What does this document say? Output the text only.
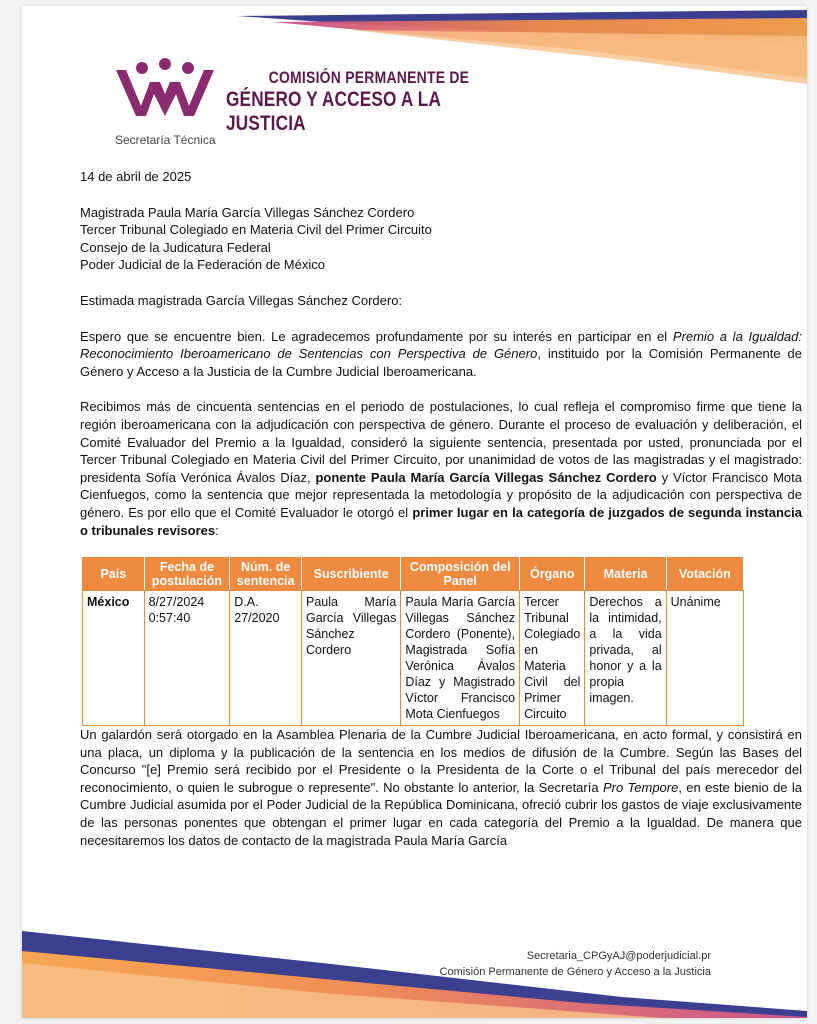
COMISIÓN PERMANENTE DE
GÉNERO Y ACCESO A LA JUSTICIA
Secretaría Técnica

14 de abril de 2025

Magistrada Paula María García Villegas Sánchez Cordero
Tercer Tribunal Colegiado en Materia Civil del Primer Circuito
Consejo de la Judicatura Federal
Poder Judicial de la Federación de México

Estimada magistrada García Villegas Sánchez Cordero:

Espero que se encuentre bien. Le agradecemos profundamente por su interés en participar en el Premio a la Igualdad: Reconocimiento Iberoamericano de Sentencias con Perspectiva de Género, instituido por la Comisión Permanente de Género y Acceso a la Justicia de la Cumbre Judicial Iberoamericana.

Recibimos más de cincuenta sentencias en el periodo de postulaciones, lo cual refleja el compromiso firme que tiene la región iberoamericana con la adjudicación con perspectiva de género. Durante el proceso de evaluación y deliberación, el Comité Evaluador del Premio a la Igualdad, consideró la siguiente sentencia, presentada por usted, pronunciada por el Tercer Tribunal Colegiado en Materia Civil del Primer Circuito, por unanimidad de votos de las magistradas y el magistrado: presidenta Sofía Verónica Ávalos Díaz, ponente Paula María García Villegas Sánchez Cordero y Víctor Francisco Mota Cienfuegos, como la sentencia que mejor representada la metodología y propósito de la adjudicación con perspectiva de género. Es por ello que el Comité Evaluador le otorgó el primer lugar en la categoría de juzgados de segunda instancia o tribunales revisores:

País	Fecha de postulación	Núm. de sentencia	Suscribiente	Composición del Panel	Órgano	Materia	Votación
México	8/27/2024 0:57:40	D.A. 27/2020	Paula María García Villegas Sánchez Cordero	Paula María García Villegas Sánchez Cordero (Ponente), Magistrada Sofía Verónica Ávalos Díaz y Magistrado Víctor Francisco Mota Cienfuegos	Tercer Tribunal Colegiado en Materia Civil del Primer Circuito	Derechos a la intimidad, a la vida privada, al honor y a la propia imagen.	Unánime

Un galardón será otorgado en la Asamblea Plenaria de la Cumbre Judicial Iberoamericana, en acto formal, y consistirá en una placa, un diploma y la publicación de la sentencia en los medios de difusión de la Cumbre. Según las Bases del Concurso "[e] Premio será recibido por el Presidente o la Presidenta de la Corte o el Tribunal del país merecedor del reconocimiento, o quien le subrogue o represente". No obstante lo anterior, la Secretaría Pro Tempore, en este bienio de la Cumbre Judicial asumida por el Poder Judicial de la República Dominicana, ofreció cubrir los gastos de viaje exclusivamente de las personas ponentes que obtengan el primer lugar en cada categoría del Premio a la Igualdad. De manera que necesitaremos los datos de contacto de la magistrada Paula María García

Secretaria_CPGyAJ@poderjudicial.pr
Comisión Permanente de Género y Acceso a la Justicia
